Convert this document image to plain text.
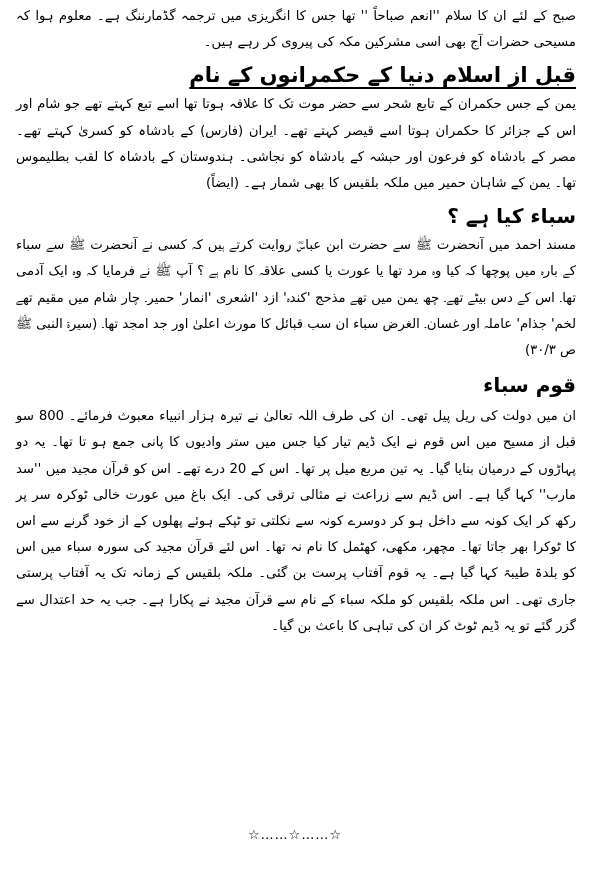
صبح کے لئے ان کا سلام ''انعم صباحاً '' تھا جس کا انگریزی میں ترجمہ گڈمارننگ ہے۔ معلوم ہوا کہ مسیحی حضرات آج بھی اسی مشرکین مکہ کی پیروی کر رہے ہیں۔

قبل از اسلام دنیا کے حکمرانوں کے نام

یمن کے جس حکمران کے تابع شحر سے حضر موت تک کا علاقہ ہوتا تھا اسے تبع کہتے تھے جو شام اور اس کے جزائر کا حکمران ہوتا اسے قیصر کہتے تھے۔ ایران (فارس) کے بادشاہ کو کسریٰ کہتے تھے۔ مصر کے بادشاہ کو فرعون اور حبشہ کے بادشاہ کو نجاشی۔ ہندوستان کے بادشاہ کا لقب بطلیموس تھا۔ یمن کے شاہان حمیر میں ملکہ بلقیس کا بھی شمار ہے۔ (ایضاً)

سباء کیا ہے ؟

مسند احمد میں آنحضرت ﷺ سے حضرت ابن عباسؓ روایت کرتے ہیں کہ کسی نے آنحضرت ﷺ سے سباء کے بارہ میں پوچھا کہ کیا وہ مرد تھا یا عورت یا کسی علاقہ کا نام ہے ؟ آپ ﷺ نے فرمایا کہ وہ ایک آدمی تھا۔ اس کے دس بیٹے تھے۔ چھ یمن میں تھے مذحج 'کندہ' ازد 'اشعری 'انمار' حمیر۔ چار شام میں مقیم تھے لخم' جذام' عاملہ اور غسان۔ الغرض سباء ان سب قبائل کا مورث اعلیٰ اور جد امجد تھا۔ (سیرۃ النبی ﷺ ص ۳۰/۳)

قوم سباء

ان میں دولت کی ریل پیل تھی۔ ان کی طرف اللہ تعالیٰ نے تیرہ ہزار انبیاء معبوث فرمائے۔ 800 سو قبل از مسیح میں اس قوم نے ایک ڈیم تیار کیا جس میں ستر وادیوں کا پانی جمع ہو تا تھا۔ یہ دو پہاڑوں کے درمیان بنایا گیا۔ یہ تین مربع میل پر تھا۔ اس کے 20 درے تھے۔ اس کو قرآن مجید میں ''سد مارب'' کہا گیا ہے۔ اس ڈیم سے زراعت نے مثالی ترقی کی۔ ایک باغ میں عورت خالی ٹوکرہ سر پر رکھ کر ایک کونہ سے داخل ہو کر دوسرے کونہ سے نکلتی تو ٹپکے ہوئے پھلوں کے از خود گرنے سے اس کا ٹوکرا بھر جاتا تھا۔ مچھر، مکھی، کھٹمل کا نام نہ تھا۔ اس لئے قرآن مجید کی سورہ سباء میں اس کو بلدۃ طیبۃ کہا گیا ہے۔ یہ قوم آفتاب پرست بن گئی۔ ملکہ بلقیس کے زمانہ تک یہ آفتاب پرستی جاری تھی۔ اس ملکہ بلقیس کو ملکہ سباء کے نام سے قرآن مجید نے پکارا ہے۔ جب یہ حد اعتدال سے گزر گئے تو یہ ڈیم ٹوٹ کر ان کی تباہی کا باعث بن گیا۔

☆……☆……☆
